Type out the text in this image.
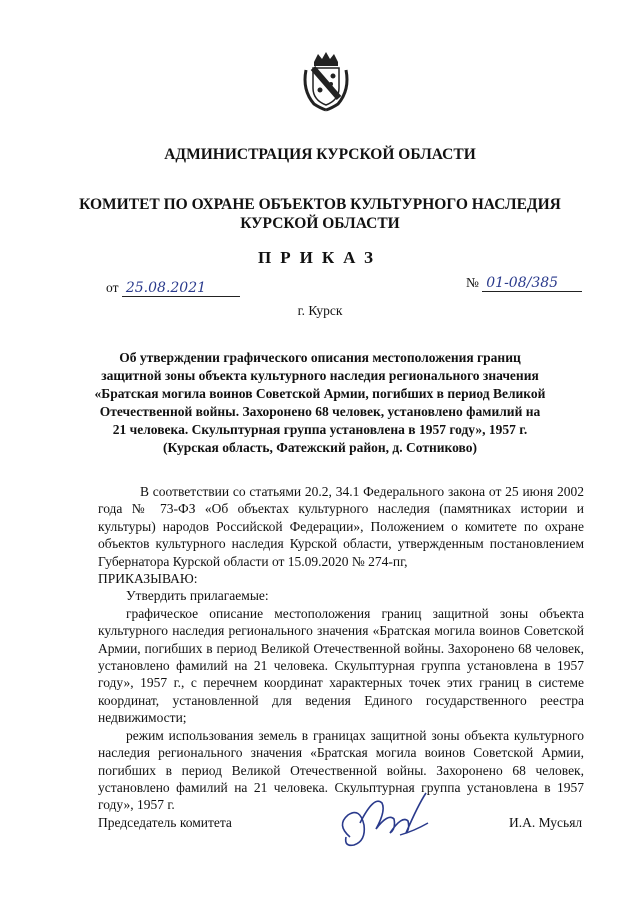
АДМИНИСТРАЦИЯ КУРСКОЙ ОБЛАСТИ
КОМИТЕТ ПО ОХРАНЕ ОБЪЕКТОВ КУЛЬТУРНОГО НАСЛЕДИЯ
КУРСКОЙ ОБЛАСТИ
ПРИКАЗ
от 25.08.2021	№ 01-08/385
г. Курск
Об утверждении графического описания местоположения границ
защитной зоны объекта культурного наследия регионального значения
«Братская могила воинов Советской Армии, погибших в период Великой
Отечественной войны. Захоронено 68 человек, установлено фамилий на
21 человека. Скульптурная группа установлена в 1957 году», 1957 г.
(Курская область, Фатежский район, д. Сотниково)

В соответствии со статьями 20.2, 34.1 Федерального закона от 25 июня 2002 года № 73-ФЗ «Об объектах культурного наследия (памятниках истории и культуры) народов Российской Федерации», Положением о комитете по охране объектов культурного наследия Курской области, утвержденным постановлением Губернатора Курской области от 15.09.2020 № 274-пг,

ПРИКАЗЫВАЮ:

Утвердить прилагаемые:

графическое описание местоположения границ защитной зоны объекта культурного наследия регионального значения «Братская могила воинов Советской Армии, погибших в период Великой Отечественной войны. Захоронено 68 человек, установлено фамилий на 21 человека. Скульптурная группа установлена в 1957 году», 1957 г., с перечнем координат характерных точек этих границ в системе координат, установленной для ведения Единого государственного реестра недвижимости;

режим использования земель в границах защитной зоны объекта культурного наследия регионального значения «Братская могила воинов Советской Армии, погибших в период Великой Отечественной войны. Захоронено 68 человек, установлено фамилий на 21 человека. Скульптурная группа установлена в 1957 году», 1957 г.

Председатель комитета	И.А. Мусьял
